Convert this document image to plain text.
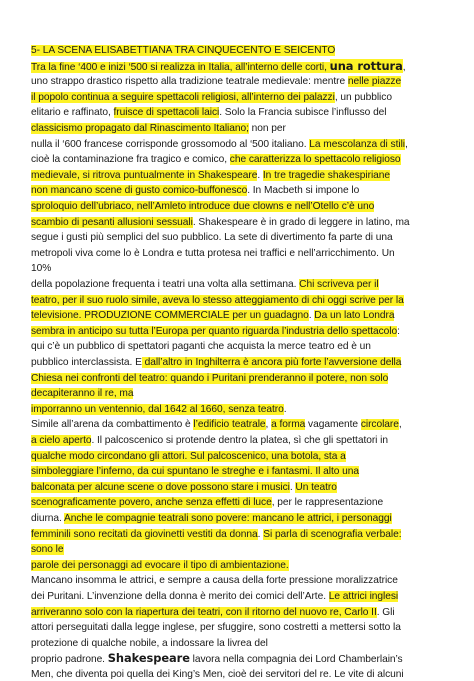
5- LA SCENA ELISABETTIANA TRA CINQUECENTO E SEICENTO
Tra la fine ‘400 e inizi ‘500 si realizza in Italia, all’interno delle corti, una rottura,
uno strappo drastico rispetto alla tradizione teatrale medievale: mentre nelle piazze
il popolo continua a seguire spettacoli religiosi, all’interno dei palazzi, un pubblico
elitario e raffinato, fruisce di spettacoli laici. Solo la Francia subisce l’influsso del
classicismo propagato dal Rinascimento Italiano; non per
nulla il ‘600 francese corrisponde grossomodo al ‘500 italiano. La mescolanza di stili,
cioè la contaminazione fra tragico e comico, che caratterizza lo spettacolo religioso
medievale, si ritrova puntualmente in Shakespeare. In tre tragedie shakespiriane
non mancano scene di gusto comico-buffonesco. In Macbeth si impone lo
sproloquio dell’ubriaco, nell’Amleto introduce due clowns e nell’Otello c’è uno
scambio di pesanti allusioni sessuali. Shakespeare è in grado di leggere in latino, ma
segue i gusti più semplici del suo pubblico. La sete di divertimento fa parte di una
metropoli viva come lo è Londra e tutta protesa nei traffici e nell’arricchimento. Un
10%
della popolazione frequenta i teatri una volta alla settimana. Chi scriveva per il
teatro, per il suo ruolo simile, aveva lo stesso atteggiamento di chi oggi scrive per la
televisione. PRODUZIONE COMMERCIALE per un guadagno. Da un lato Londra
sembra in anticipo su tutta l’Europa per quanto riguarda l’industria dello spettacolo:
qui c’è un pubblico di spettatori paganti che acquista la merce teatro ed è un
pubblico interclassista. E dall’altro in Inghilterra è ancora più forte l’avversione della
Chiesa nei confronti del teatro: quando i Puritani prenderanno il potere, non solo
decapiteranno il re, ma
imporranno un ventennio, dal 1642 al 1660, senza teatro.
Simile all’arena da combattimento è l’edificio teatrale, a forma vagamente circolare,
a cielo aperto. Il palcoscenico si protende dentro la platea, sì che gli spettatori in
qualche modo circondano gli attori. Sul palcoscenico, una botola, sta a
simboleggiare l’inferno, da cui spuntano le streghe e i fantasmi. Il alto una
balconata per alcune scene o dove possono stare i musici. Un teatro
scenograficamente povero, anche senza effetti di luce, per le rappresentazione
diurna. Anche le compagnie teatrali sono povere: mancano le attrici, i personaggi
femminili sono recitati da giovinetti vestiti da donna. Si parla di scenografia verbale:
sono le
parole dei personaggi ad evocare il tipo di ambientazione.
Mancano insomma le attrici, e sempre a causa della forte pressione moralizzatrice
dei Puritani. L’invenzione della donna è merito dei comici dell’Arte. Le attrici inglesi
arriveranno solo con la riapertura dei teatri, con il ritorno del nuovo re, Carlo II. Gli
attori perseguitati dalla legge inglese, per sfuggire, sono costretti a mettersi sotto la
protezione di qualche nobile, a indossare la livrea del
proprio padrone. Shakespeare lavora nella compagnia dei Lord Chamberlain’s
Men, che diventa poi quella dei King’s Men, cioè dei servitori del re. Le vite di alcuni
